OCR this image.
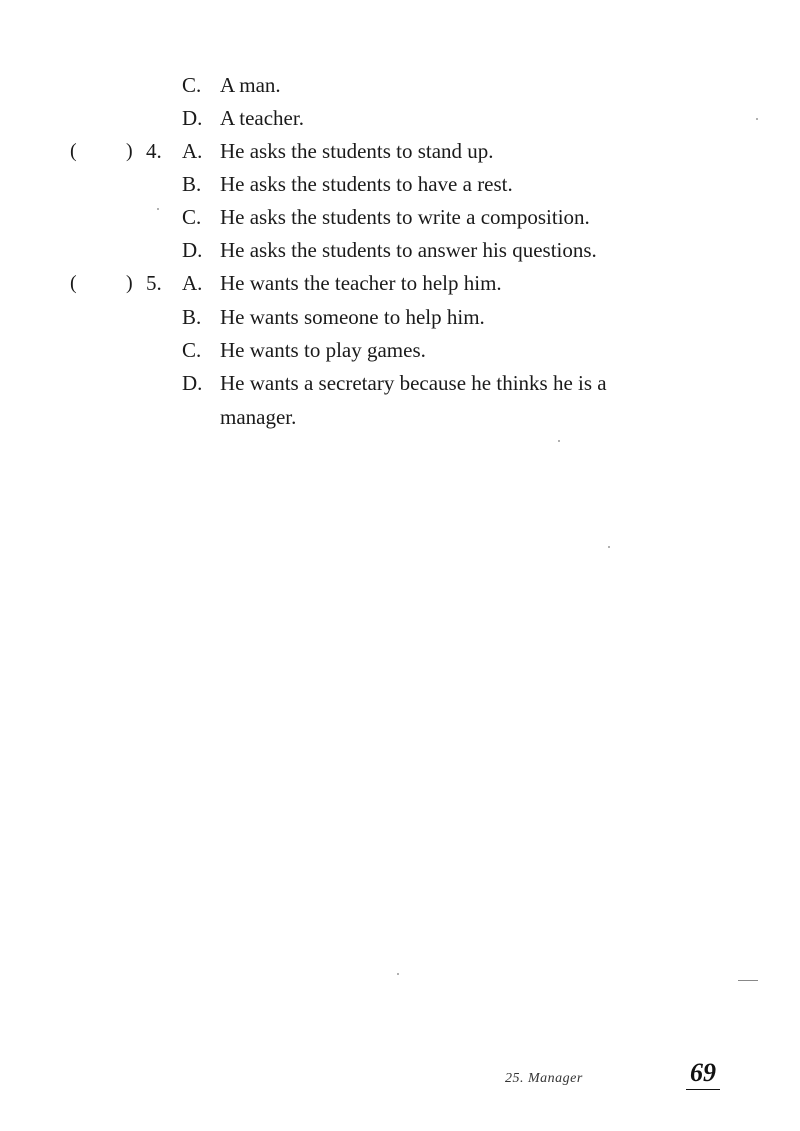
C. A man.
D. A teacher.
( ) 4. A. He asks the students to stand up.
B. He asks the students to have a rest.
C. He asks the students to write a composition.
D. He asks the students to answer his questions.
( ) 5. A. He wants the teacher to help him.
B. He wants someone to help him.
C. He wants to play games.
D. He wants a secretary because he thinks he is a
manager.
25. Manager	69
